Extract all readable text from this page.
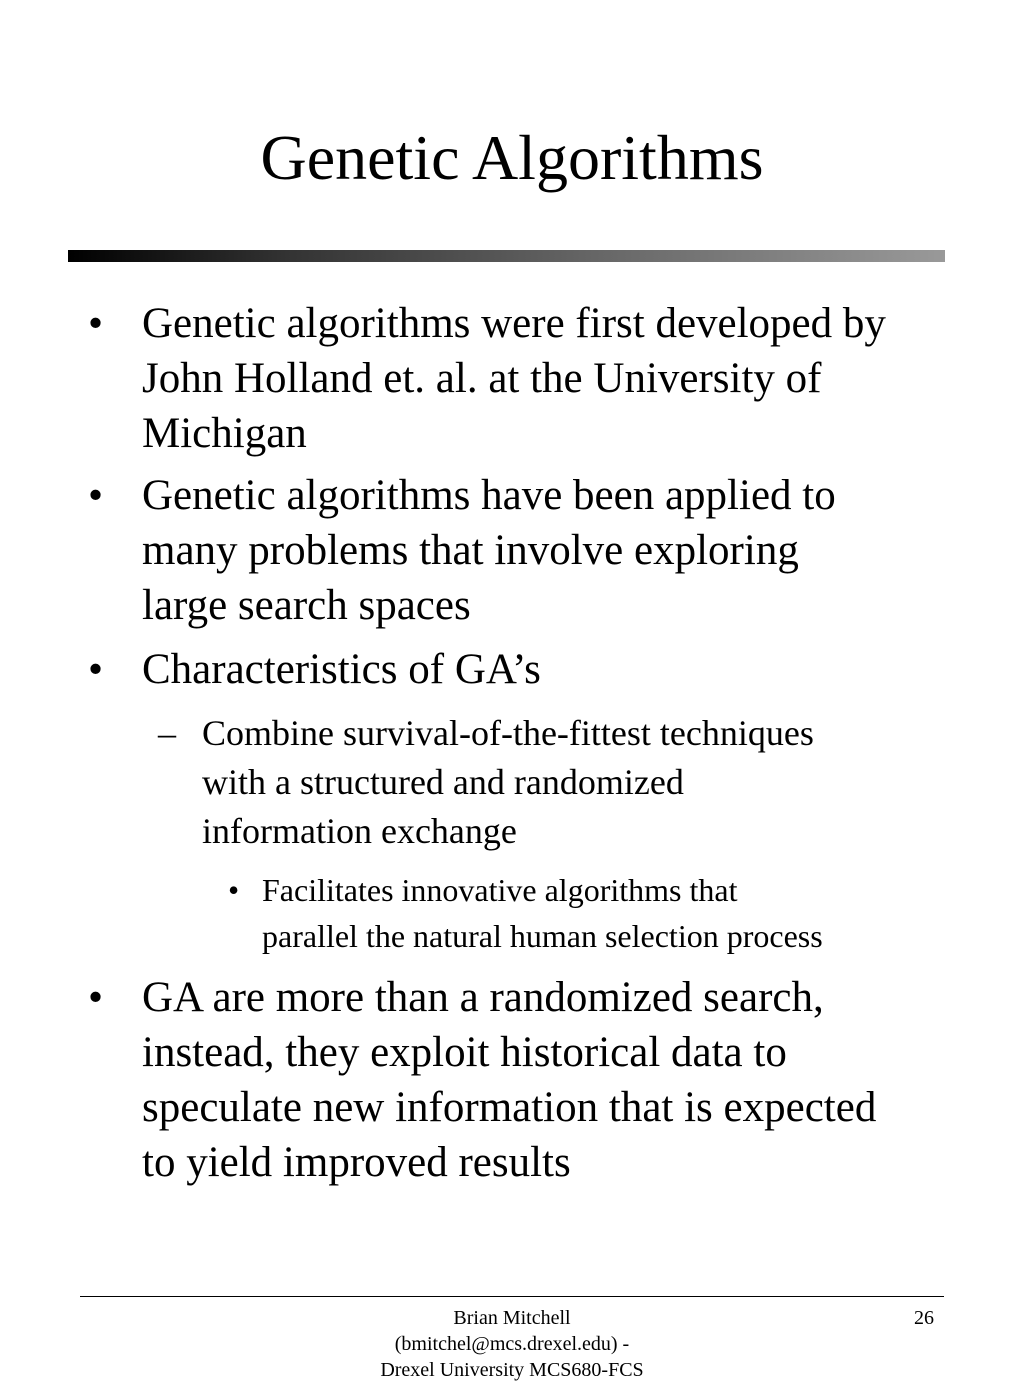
Genetic Algorithms
• Genetic algorithms were first developed by
John Holland et. al. at the University of
Michigan
• Genetic algorithms have been applied to
many problems that involve exploring
large search spaces
• Characteristics of GA’s
– Combine survival-of-the-fittest techniques
with a structured and randomized
information exchange
• Facilitates innovative algorithms that
parallel the natural human selection process
• GA are more than a randomized search,
instead, they exploit historical data to
speculate new information that is expected
to yield improved results
Brian Mitchell
(bmitchel@mcs.drexel.edu) -
Drexel University MCS680-FCS
26
